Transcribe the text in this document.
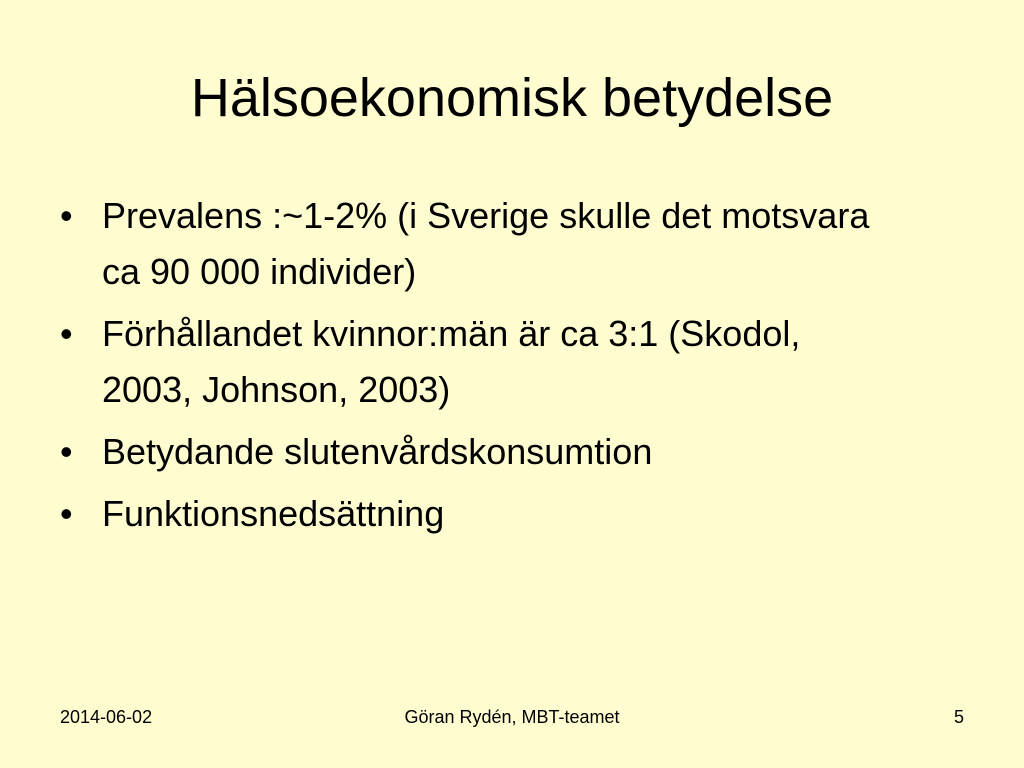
Hälsoekonomisk betydelse
• Prevalens :~1-2% (i Sverige skulle det motsvara ca 90 000 individer)
• Förhållandet kvinnor:män är ca 3:1 (Skodol, 2003, Johnson, 2003)
• Betydande slutenvårdskonsumtion
• Funktionsnedsättning
2014-06-02	Göran Rydén, MBT-teamet	5
